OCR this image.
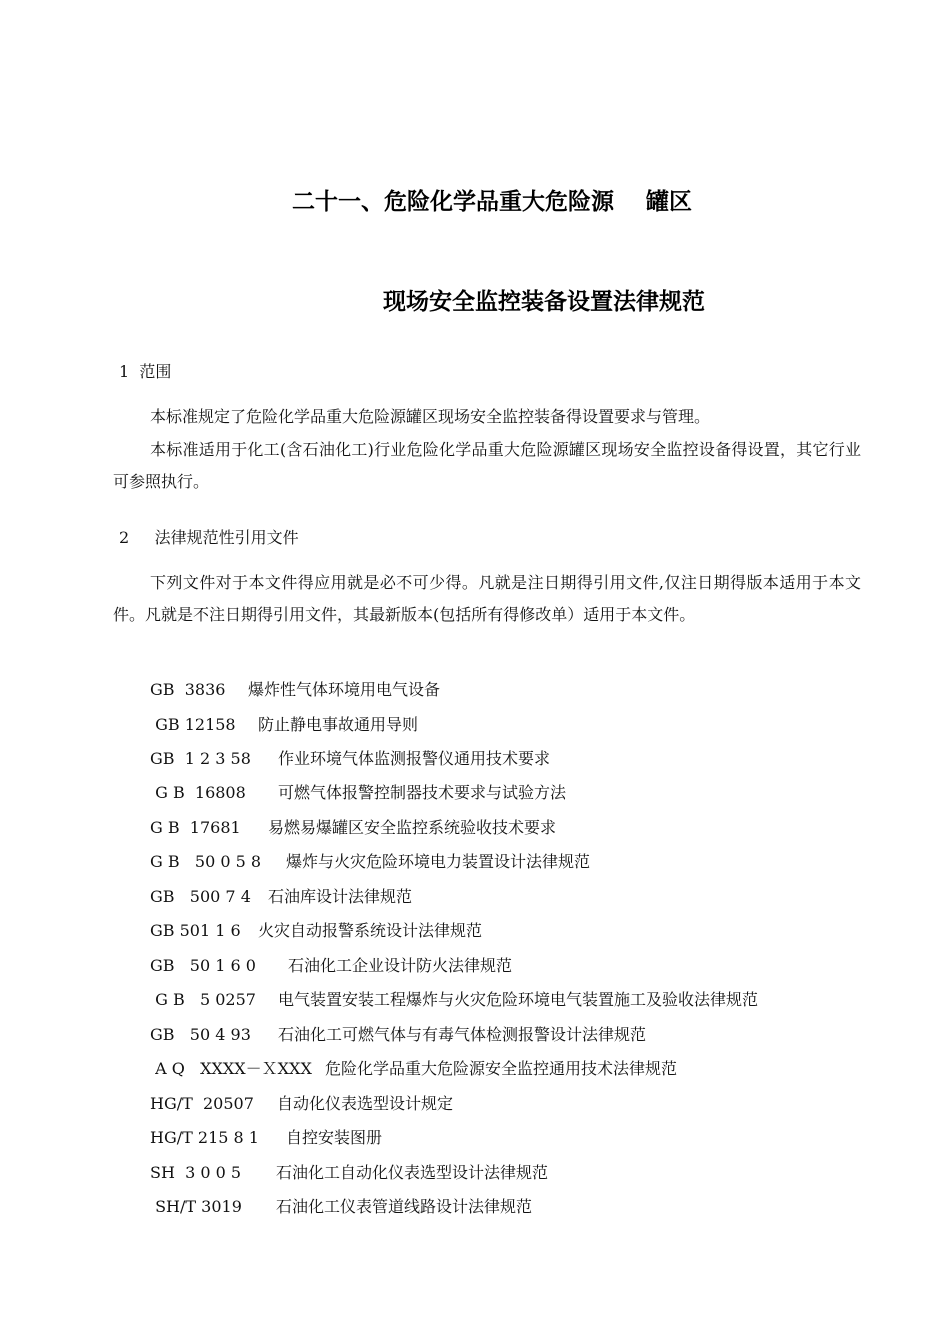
二十一、危险化学品重大危险源    罐区
现场安全监控装备设置法律规范
1 范围
本标准规定了危险化学品重大危险源罐区现场安全监控装备得设置要求与管理。
本标准适用于化工(含石油化工)行业危险化学品重大危险源罐区现场安全监控设备得设置，其它行业可参照执行。
2 法律规范性引用文件
下列文件对于本文件得应用就是必不可少得。凡就是注日期得引用文件,仅注日期得版本适用于本文件。凡就是不注日期得引用文件，其最新版本(包括所有得修改单）适用于本文件。
GB  3836	爆炸性气体环境用电气设备
GB 12158	防止静电事故通用导则
GB  1 2 3 58	作业环境气体监测报警仪通用技术要求
G B  16808	可燃气体报警控制器技术要求与试验方法
G B  17681	易燃易爆罐区安全监控系统验收技术要求
G B   50 0 5 8	爆炸与火灾危险环境电力装置设计法律规范
GB   500 7 4	石油库设计法律规范
GB 501 1 6	火灾自动报警系统设计法律规范
GB   50 1 6 0	石油化工企业设计防火法律规范
G B   5 0257	电气装置安装工程爆炸与火灾危险环境电气装置施工及验收法律规范
GB   50 4 93	石油化工可燃气体与有毒气体检测报警设计法律规范
A Q   XXXX－ＸXXX 危险化学品重大危险源安全监控通用技术法律规范
HG/T  20507	自动化仪表选型设计规定
HG/T 215 8 1	自控安装图册
SH  3 0 0 5	石油化工自动化仪表选型设计法律规范
SH/T 3019	石油化工仪表管道线路设计法律规范
